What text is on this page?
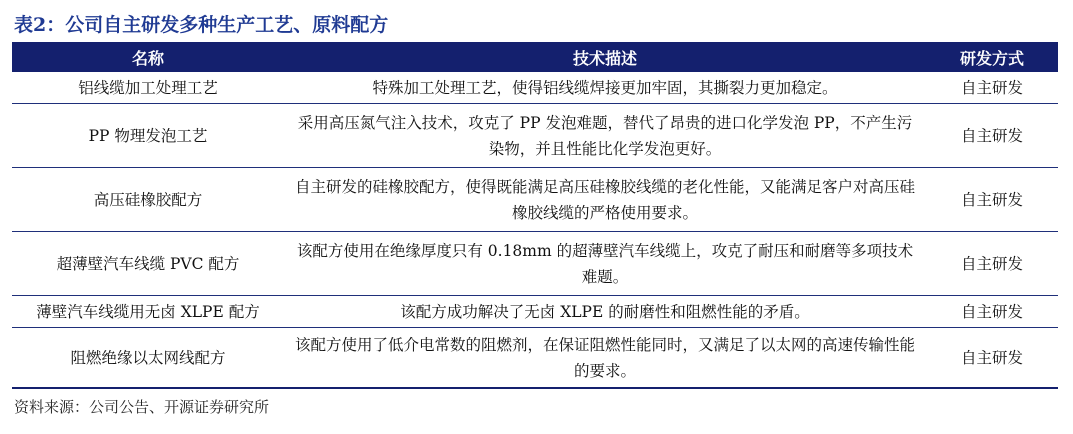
表2：公司自主研发多种生产工艺、原料配方
名称	技术描述	研发方式
铝线缆加工处理工艺	特殊加工处理工艺，使得铝线缆焊接更加牢固，其撕裂力更加稳定。	自主研发
PP 物理发泡工艺	采用高压氮气注入技术，攻克了 PP 发泡难题，替代了昂贵的进口化学发泡 PP，不产生污染物，并且性能比化学发泡更好。	自主研发
高压硅橡胶配方	自主研发的硅橡胶配方，使得既能满足高压硅橡胶线缆的老化性能，又能满足客户对高压硅橡胶线缆的严格使用要求。	自主研发
超薄壁汽车线缆 PVC 配方	该配方使用在绝缘厚度只有 0.18mm 的超薄壁汽车线缆上，攻克了耐压和耐磨等多项技术难题。	自主研发
薄壁汽车线缆用无卤 XLPE 配方	该配方成功解决了无卤 XLPE 的耐磨性和阻燃性能的矛盾。	自主研发
阻燃绝缘以太网线配方	该配方使用了低介电常数的阻燃剂，在保证阻燃性能同时，又满足了以太网的高速传输性能的要求。	自主研发
资料来源：公司公告、开源证券研究所
